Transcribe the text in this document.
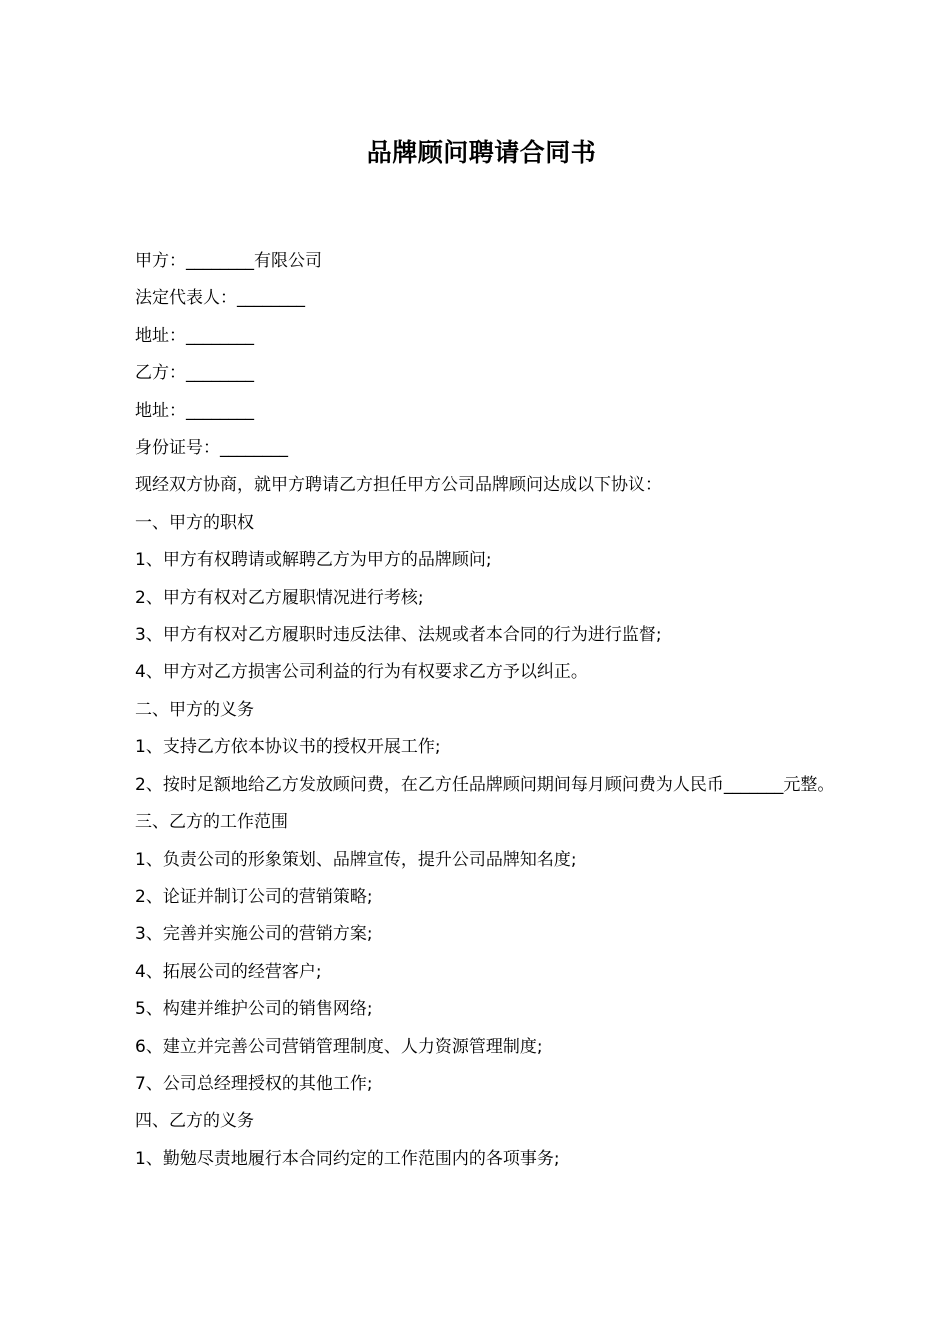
品牌顾问聘请合同书
甲方：________有限公司
法定代表人：________
地址：________
乙方：________
地址：________
身份证号：________
现经双方协商，就甲方聘请乙方担任甲方公司品牌顾问达成以下协议：
一、甲方的职权
1、甲方有权聘请或解聘乙方为甲方的品牌顾问;
2、甲方有权对乙方履职情况进行考核;
3、甲方有权对乙方履职时违反法律、法规或者本合同的行为进行监督;
4、甲方对乙方损害公司利益的行为有权要求乙方予以纠正。
二、甲方的义务
1、支持乙方依本协议书的授权开展工作;
2、按时足额地给乙方发放顾问费，在乙方任品牌顾问期间每月顾问费为人民币_______元整。
三、乙方的工作范围
1、负责公司的形象策划、品牌宣传，提升公司品牌知名度;
2、论证并制订公司的营销策略;
3、完善并实施公司的营销方案;
4、拓展公司的经营客户;
5、构建并维护公司的销售网络;
6、建立并完善公司营销管理制度、人力资源管理制度;
7、公司总经理授权的其他工作;
四、乙方的义务
1、勤勉尽责地履行本合同约定的工作范围内的各项事务;
